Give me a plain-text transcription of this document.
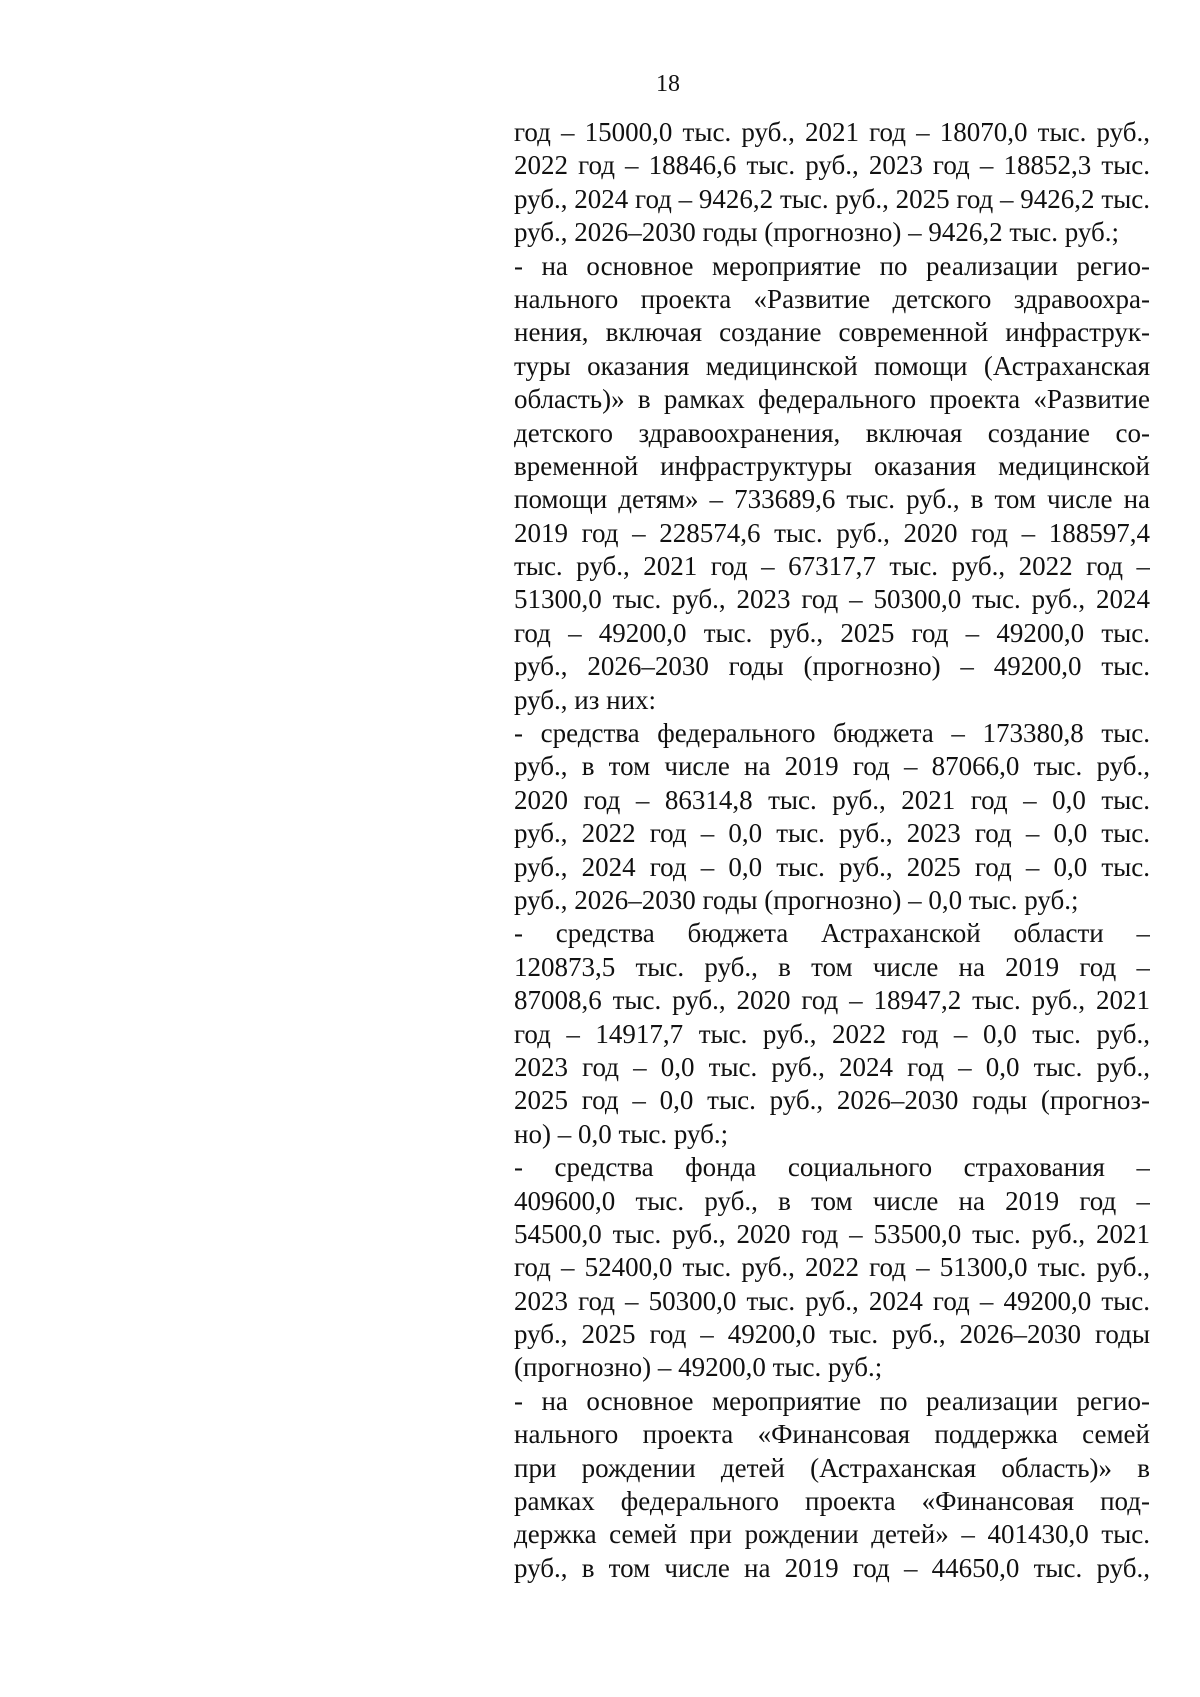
18
год – 15000,0 тыс. руб., 2021 год – 18070,0 тыс. руб.,
2022 год – 18846,6 тыс. руб., 2023 год – 18852,3 тыс.
руб., 2024 год – 9426,2 тыс. руб., 2025 год – 9426,2 тыс.
руб., 2026–2030 годы (прогнозно) – 9426,2 тыс. руб.;
- на основное мероприятие по реализации регио-
нального проекта «Развитие детского здравоохра-
нения, включая создание современной инфраструк-
туры оказания медицинской помощи (Астраханская
область)» в рамках федерального проекта «Развитие
детского здравоохранения, включая создание со-
временной инфраструктуры оказания медицинской
помощи детям» – 733689,6 тыс. руб., в том числе на
2019 год – 228574,6 тыс. руб., 2020 год – 188597,4
тыс. руб., 2021 год – 67317,7 тыс. руб., 2022 год –
51300,0 тыс. руб., 2023 год – 50300,0 тыс. руб., 2024
год – 49200,0 тыс. руб., 2025 год – 49200,0 тыс.
руб., 2026–2030 годы (прогнозно) – 49200,0 тыс.
руб., из них:
- средства федерального бюджета – 173380,8 тыс.
руб., в том числе на 2019 год – 87066,0 тыс. руб.,
2020 год – 86314,8 тыс. руб., 2021 год – 0,0 тыс.
руб., 2022 год – 0,0 тыс. руб., 2023 год – 0,0 тыс.
руб., 2024 год – 0,0 тыс. руб., 2025 год – 0,0 тыс.
руб., 2026–2030 годы (прогнозно) – 0,0 тыс. руб.;
- средства бюджета Астраханской области –
120873,5 тыс. руб., в том числе на 2019 год –
87008,6 тыс. руб., 2020 год – 18947,2 тыс. руб., 2021
год – 14917,7 тыс. руб., 2022 год – 0,0 тыс. руб.,
2023 год – 0,0 тыс. руб., 2024 год – 0,0 тыс. руб.,
2025 год – 0,0 тыс. руб., 2026–2030 годы (прогноз-
но) – 0,0 тыс. руб.;
- средства фонда социального страхования –
409600,0 тыс. руб., в том числе на 2019 год –
54500,0 тыс. руб., 2020 год – 53500,0 тыс. руб., 2021
год – 52400,0 тыс. руб., 2022 год – 51300,0 тыс. руб.,
2023 год – 50300,0 тыс. руб., 2024 год – 49200,0 тыс.
руб., 2025 год – 49200,0 тыс. руб., 2026–2030 годы
(прогнозно) – 49200,0 тыс. руб.;
- на основное мероприятие по реализации регио-
нального проекта «Финансовая поддержка семей
при рождении детей (Астраханская область)» в
рамках федерального проекта «Финансовая под-
держка семей при рождении детей» – 401430,0 тыс.
руб., в том числе на 2019 год – 44650,0 тыс. руб.,
